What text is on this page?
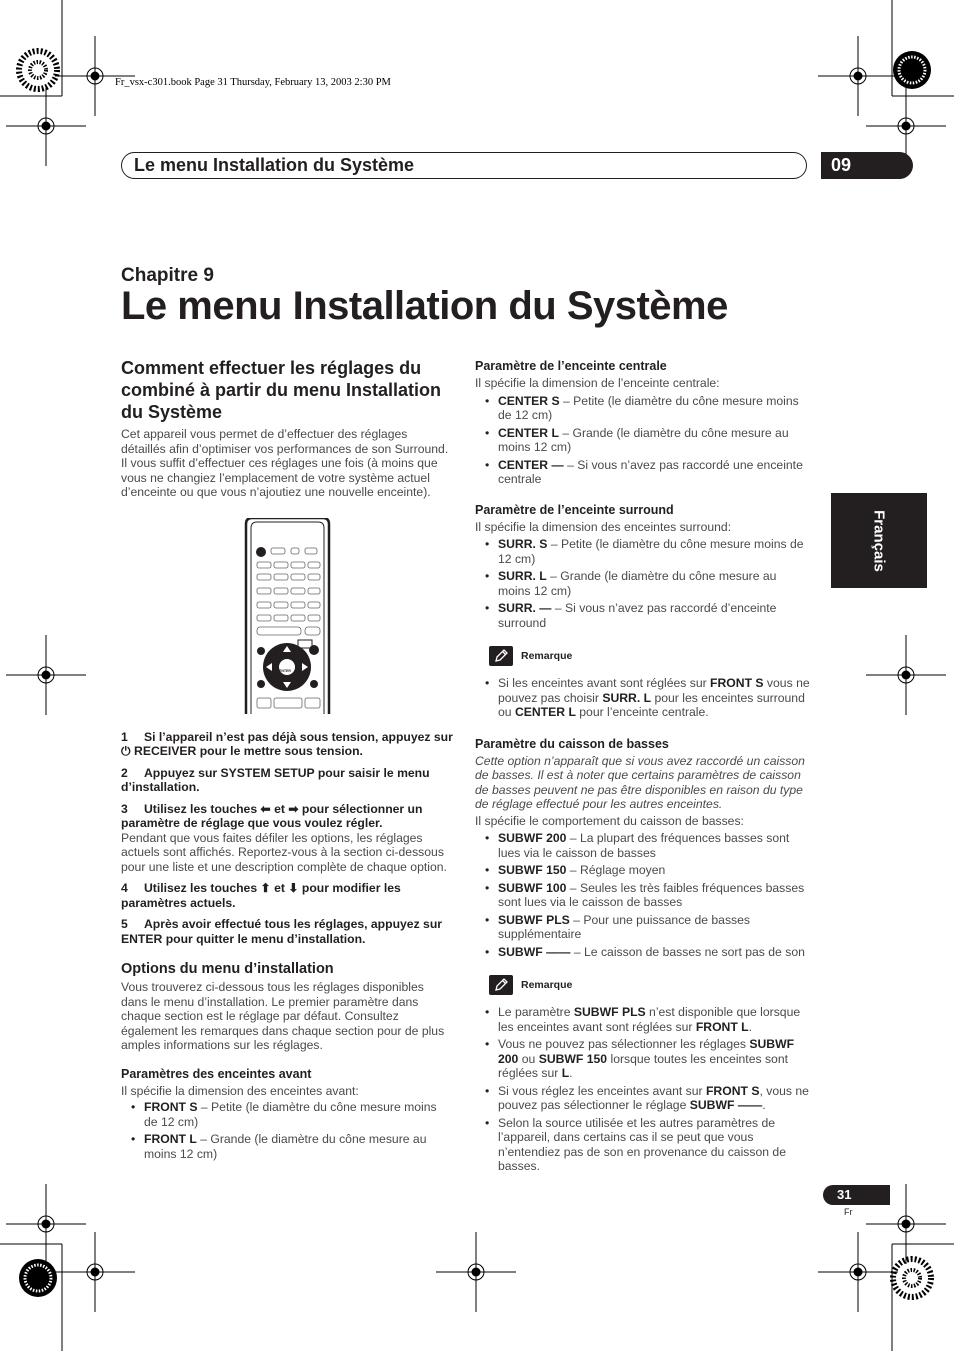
Fr_vsx-c301.book Page 31 Thursday, February 13, 2003 2:30 PM
Le menu Installation du Système	09
Chapitre 9
Le menu Installation du Système
Français
Comment effectuer les réglages du combiné à partir du menu Installation du Système
Cet appareil vous permet de d’effectuer des réglages détaillés afin d’optimiser vos performances de son Surround. Il vous suffit d’effectuer ces réglages une fois (à moins que vous ne changiez l’emplacement de votre système actuel d’enceinte ou que vous n’ajoutiez une nouvelle enceinte).
ENTER
1 Si l’appareil n’est pas déjà sous tension, appuyez sur ⏻ RECEIVER pour le mettre sous tension.
2 Appuyez sur SYSTEM SETUP pour saisir le menu d’installation.
3 Utilisez les touches ⬅ et ➡ pour sélectionner un paramètre de réglage que vous voulez régler.
Pendant que vous faites défiler les options, les réglages actuels sont affichés. Reportez-vous à la section ci-dessous pour une liste et une description complète de chaque option.
4 Utilisez les touches ⬆ et ⬇ pour modifier les paramètres actuels.
5 Après avoir effectué tous les réglages, appuyez sur ENTER pour quitter le menu d’installation.
Options du menu d’installation
Vous trouverez ci-dessous tous les réglages disponibles dans le menu d’installation. Le premier paramètre dans chaque section est le réglage par défaut. Consultez également les remarques dans chaque section pour de plus amples informations sur les réglages.
Paramètres des enceintes avant
Il spécifie la dimension des enceintes avant:
• FRONT S – Petite (le diamètre du cône mesure moins de 12 cm)
• FRONT L – Grande (le diamètre du cône mesure au moins 12 cm)
Paramètre de l’enceinte centrale
Il spécifie la dimension de l’enceinte centrale:
• CENTER S – Petite (le diamètre du cône mesure moins de 12 cm)
• CENTER L – Grande (le diamètre du cône mesure au moins 12 cm)
• CENTER — – Si vous n’avez pas raccordé une enceinte centrale
Paramètre de l’enceinte surround
Il spécifie la dimension des enceintes surround:
• SURR. S – Petite (le diamètre du cône mesure moins de 12 cm)
• SURR. L – Grande (le diamètre du cône mesure au moins 12 cm)
• SURR. — – Si vous n’avez pas raccordé d’enceinte surround
Remarque
• Si les enceintes avant sont réglées sur FRONT S vous ne pouvez pas choisir SURR. L pour les enceintes surround ou CENTER L pour l’enceinte centrale.
Paramètre du caisson de basses
Cette option n’apparaît que si vous avez raccordé un caisson de basses. Il est à noter que certains paramètres de caisson de basses peuvent ne pas être disponibles en raison du type de réglage effectué pour les autres enceintes.
Il spécifie le comportement du caisson de basses:
• SUBWF 200 – La plupart des fréquences basses sont lues via le caisson de basses
• SUBWF 150 – Réglage moyen
• SUBWF 100 – Seules les très faibles fréquences basses sont lues via le caisson de basses
• SUBWF PLS – Pour une puissance de basses supplémentaire
• SUBWF —— – Le caisson de basses ne sort pas de son
Remarque
• Le paramètre SUBWF PLS n’est disponible que lorsque les enceintes avant sont réglées sur FRONT L.
• Vous ne pouvez pas sélectionner les réglages SUBWF 200 ou SUBWF 150 lorsque toutes les enceintes sont réglées sur L.
• Si vous réglez les enceintes avant sur FRONT S, vous ne pouvez pas sélectionner le réglage SUBWF ——.
• Selon la source utilisée et les autres paramètres de l’appareil, dans certains cas il se peut que vous n’entendiez pas de son en provenance du caisson de basses.
31
Fr
